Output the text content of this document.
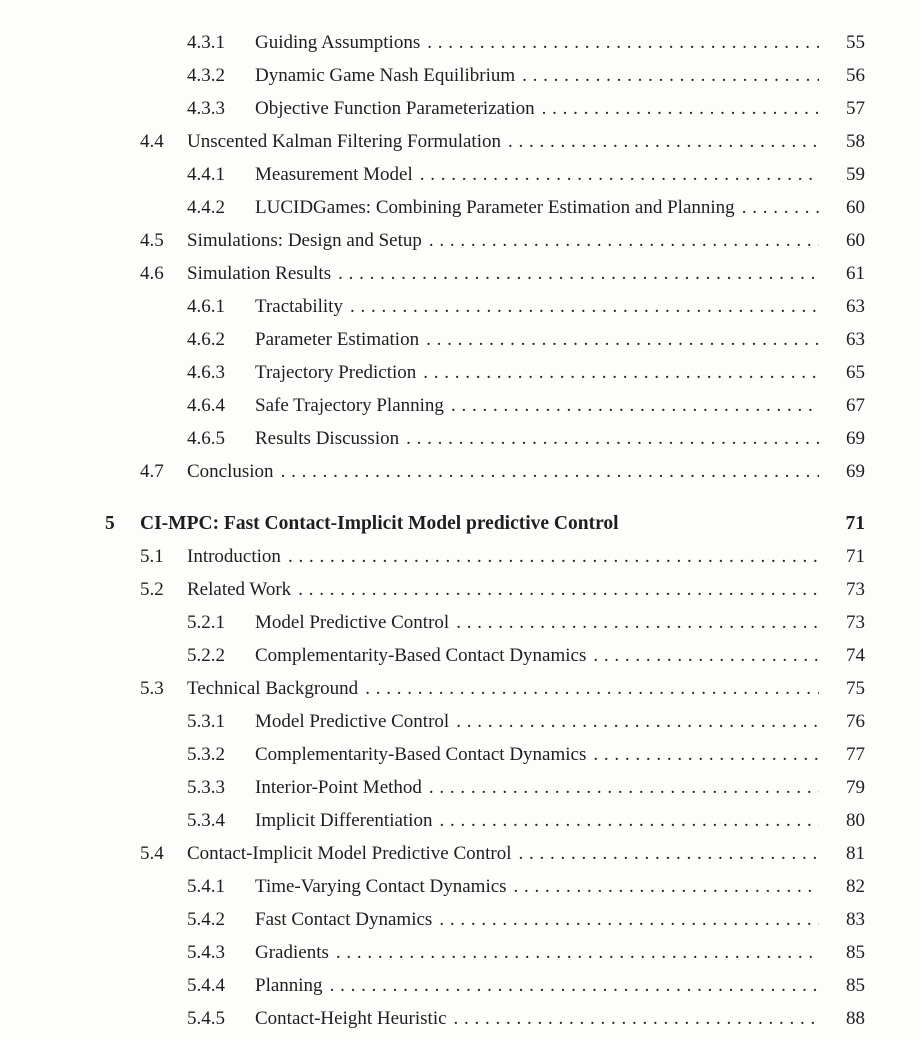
4.3.1	Guiding Assumptions . . .	55
4.3.2	Dynamic Game Nash Equilibrium . . .	56
4.3.3	Objective Function Parameterization . . .	57
4.4	Unscented Kalman Filtering Formulation . . .	58
4.4.1	Measurement Model . . .	59
4.4.2	LUCIDGames: Combining Parameter Estimation and Planning . . .	60
4.5	Simulations: Design and Setup . . .	60
4.6	Simulation Results . . .	61
4.6.1	Tractability . . .	63
4.6.2	Parameter Estimation . . .	63
4.6.3	Trajectory Prediction . . .	65
4.6.4	Safe Trajectory Planning . . .	67
4.6.5	Results Discussion . . .	69
4.7	Conclusion . . .	69
5	CI-MPC: Fast Contact-Implicit Model predictive Control	71
5.1	Introduction . . .	71
5.2	Related Work . . .	73
5.2.1	Model Predictive Control . . .	73
5.2.2	Complementarity-Based Contact Dynamics . . .	74
5.3	Technical Background . . .	75
5.3.1	Model Predictive Control . . .	76
5.3.2	Complementarity-Based Contact Dynamics . . .	77
5.3.3	Interior-Point Method . . .	79
5.3.4	Implicit Differentiation . . .	80
5.4	Contact-Implicit Model Predictive Control . . .	81
5.4.1	Time-Varying Contact Dynamics . . .	82
5.4.2	Fast Contact Dynamics . . .	83
5.4.3	Gradients . . .	85
5.4.4	Planning . . .	85
5.4.5	Contact-Height Heuristic . . .	88
